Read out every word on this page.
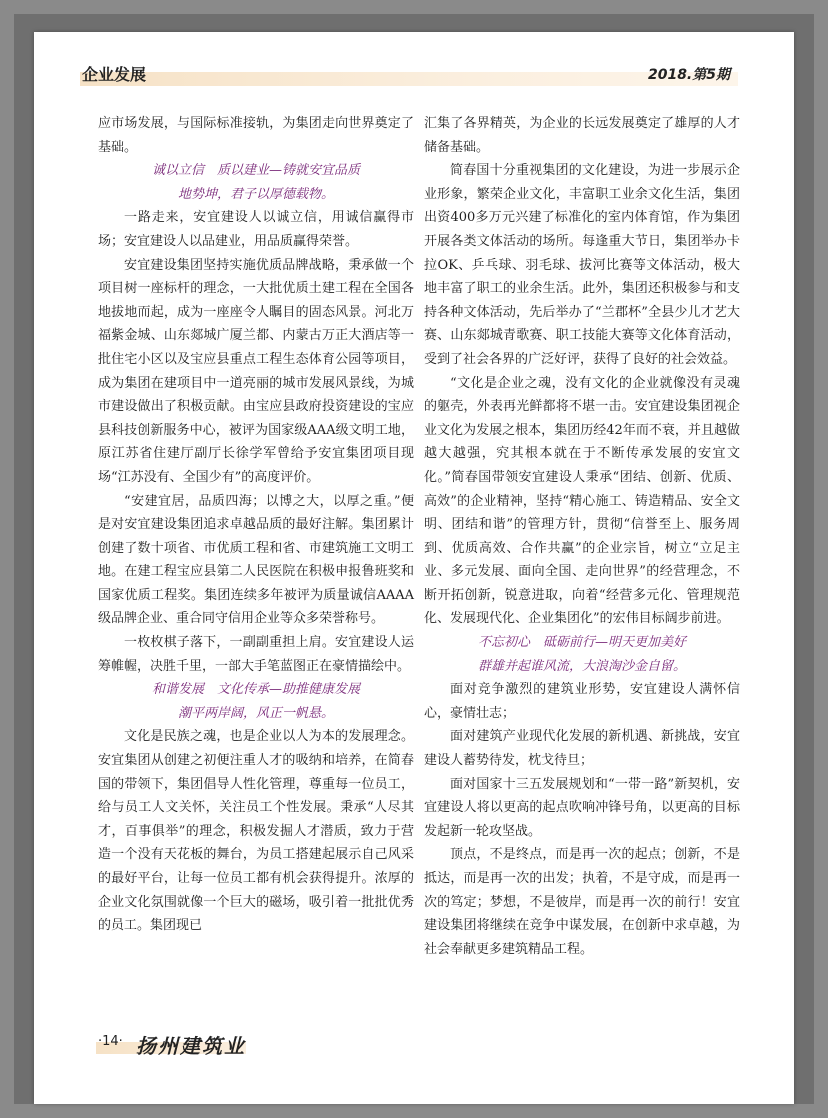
企业发展	2018.第5期

应市场发展，与国际标准接轨，为集团走向世界奠定了基础。

诚以立信　质以建业—铸就安宜品质

地势坤，君子以厚德载物。

一路走来，安宜建设人以诚立信，用诚信赢得市场；安宜建设人以品建业，用品质赢得荣誉。

安宜建设集团坚持实施优质品牌战略，秉承做一个项目树一座标杆的理念，一大批优质土建工程在全国各地拔地而起，成为一座座令人瞩目的固态风景。河北万福紫金城、山东郯城广厦兰都、内蒙古万正大酒店等一批住宅小区以及宝应县重点工程生态体育公园等项目，成为集团在建项目中一道亮丽的城市发展风景线，为城市建设做出了积极贡献。由宝应县政府投资建设的宝应县科技创新服务中心，被评为国家级AAA级文明工地，原江苏省住建厅副厅长徐学军曾给予安宜集团项目现场“江苏没有、全国少有”的高度评价。

“安建宜居，品质四海；以博之大，以厚之重。”便是对安宜建设集团追求卓越品质的最好注解。集团累计创建了数十项省、市优质工程和省、市建筑施工文明工地。在建工程宝应县第二人民医院在积极申报鲁班奖和国家优质工程奖。集团连续多年被评为质量诚信AAAA级品牌企业、重合同守信用企业等众多荣誉称号。

一枚枚棋子落下，一副副重担上肩。安宜建设人运筹帷幄，决胜千里，一部大手笔蓝图正在豪情描绘中。

和谐发展　文化传承—助推健康发展

潮平两岸阔，风正一帆悬。

文化是民族之魂，也是企业以人为本的发展理念。安宜集团从创建之初便注重人才的吸纳和培养，在简春国的带领下，集团倡导人性化管理，尊重每一位员工，给与员工人文关怀，关注员工个性发展。秉承“人尽其才，百事俱举”的理念，积极发掘人才潜质，致力于营造一个没有天花板的舞台，为员工搭建起展示自己风采的最好平台，让每一位员工都有机会获得提升。浓厚的企业文化氛围就像一个巨大的磁场，吸引着一批批优秀的员工。集团现已

汇集了各界精英，为企业的长远发展奠定了雄厚的人才储备基础。

简春国十分重视集团的文化建设，为进一步展示企业形象，繁荣企业文化，丰富职工业余文化生活，集团出资400多万元兴建了标准化的室内体育馆，作为集团开展各类文体活动的场所。每逢重大节日，集团举办卡拉OK、乒乓球、羽毛球、拔河比赛等文体活动，极大地丰富了职工的业余生活。此外，集团还积极参与和支持各种文体活动，先后举办了“兰郡杯”全县少儿才艺大赛、山东郯城青歌赛、职工技能大赛等文化体育活动，受到了社会各界的广泛好评，获得了良好的社会效益。

“文化是企业之魂，没有文化的企业就像没有灵魂的躯壳，外表再光鲜都将不堪一击。安宜建设集团视企业文化为发展之根本，集团历经42年而不衰，并且越做越大越强，究其根本就在于不断传承发展的安宜文化。”简春国带领安宜建设人秉承“团结、创新、优质、高效”的企业精神，坚持“精心施工、铸造精品、安全文明、团结和谐”的管理方针，贯彻“信誉至上、服务周到、优质高效、合作共赢”的企业宗旨，树立“立足主业、多元发展、面向全国、走向世界”的经营理念，不断开拓创新，锐意进取，向着“经营多元化、管理规范化、发展现代化、企业集团化”的宏伟目标阔步前进。

不忘初心　砥砺前行—明天更加美好

群雄并起谁风流，大浪淘沙金自留。

面对竞争激烈的建筑业形势，安宜建设人满怀信心，豪情壮志；

面对建筑产业现代化发展的新机遇、新挑战，安宜建设人蓄势待发，枕戈待旦；

面对国家十三五发展规划和“一带一路”新契机，安宜建设人将以更高的起点吹响冲锋号角，以更高的目标发起新一轮攻坚战。

顶点，不是终点，而是再一次的起点；创新，不是抵达，而是再一次的出发；执着，不是守成，而是再一次的笃定；梦想，不是彼岸，而是再一次的前行！安宜建设集团将继续在竞争中谋发展，在创新中求卓越，为社会奉献更多建筑精品工程。

·14· 扬州建筑业
